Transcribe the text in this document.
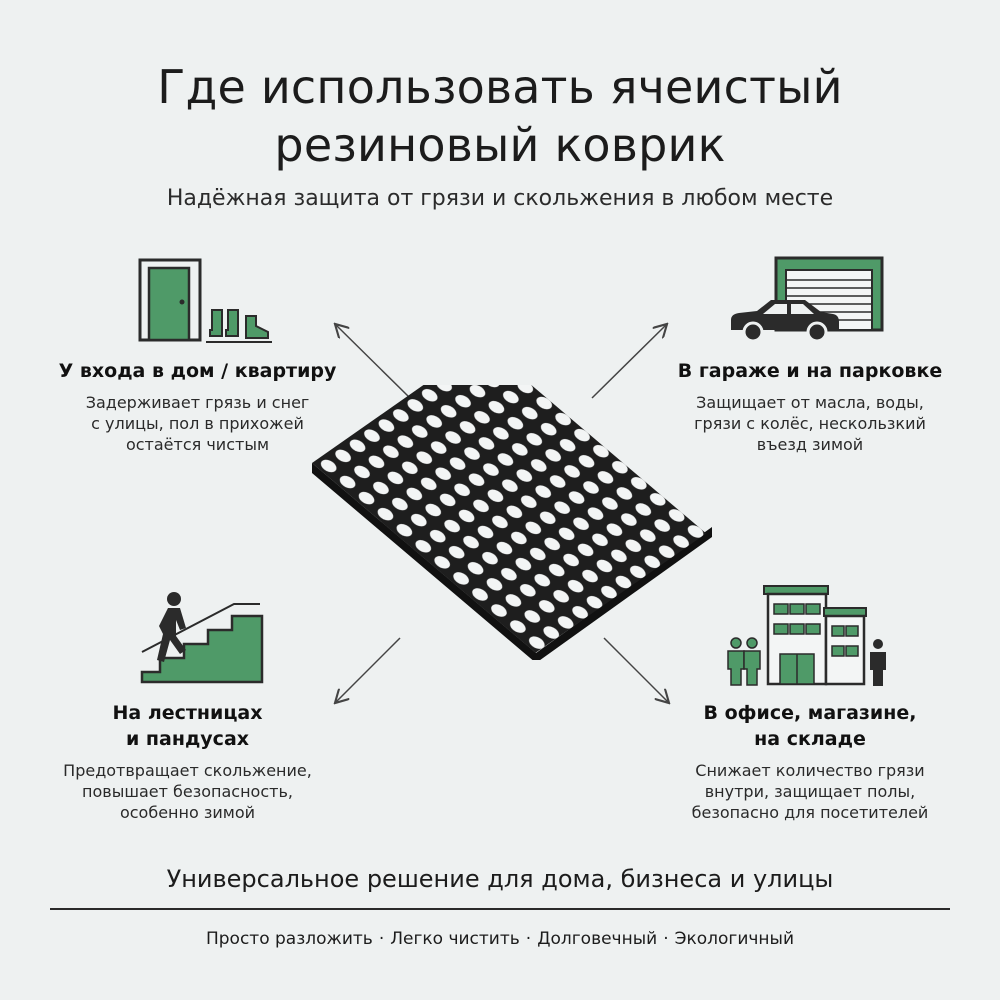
Где использовать ячеистый
резиновый коврик
Надёжная защита от грязи и скольжения в любом месте
У входа в дом / квартиру

Задерживает грязь и снег
с улицы, пол в прихожей
остаётся чистым

В гараже и на парковке

Защищает от масла, воды,
грязи с колёс, нескользкий
въезд зимой

На лестницах
и пандусах

Предотвращает скольжение,
повышает безопасность,
особенно зимой

В офисе, магазине,
на складе

Снижает количество грязи
внутри, защищает полы,
безопасно для посетителей

Универсальное решение для дома, бизнеса и улицы
Просто разложить · Легко чистить · Долговечный · Экологичный
